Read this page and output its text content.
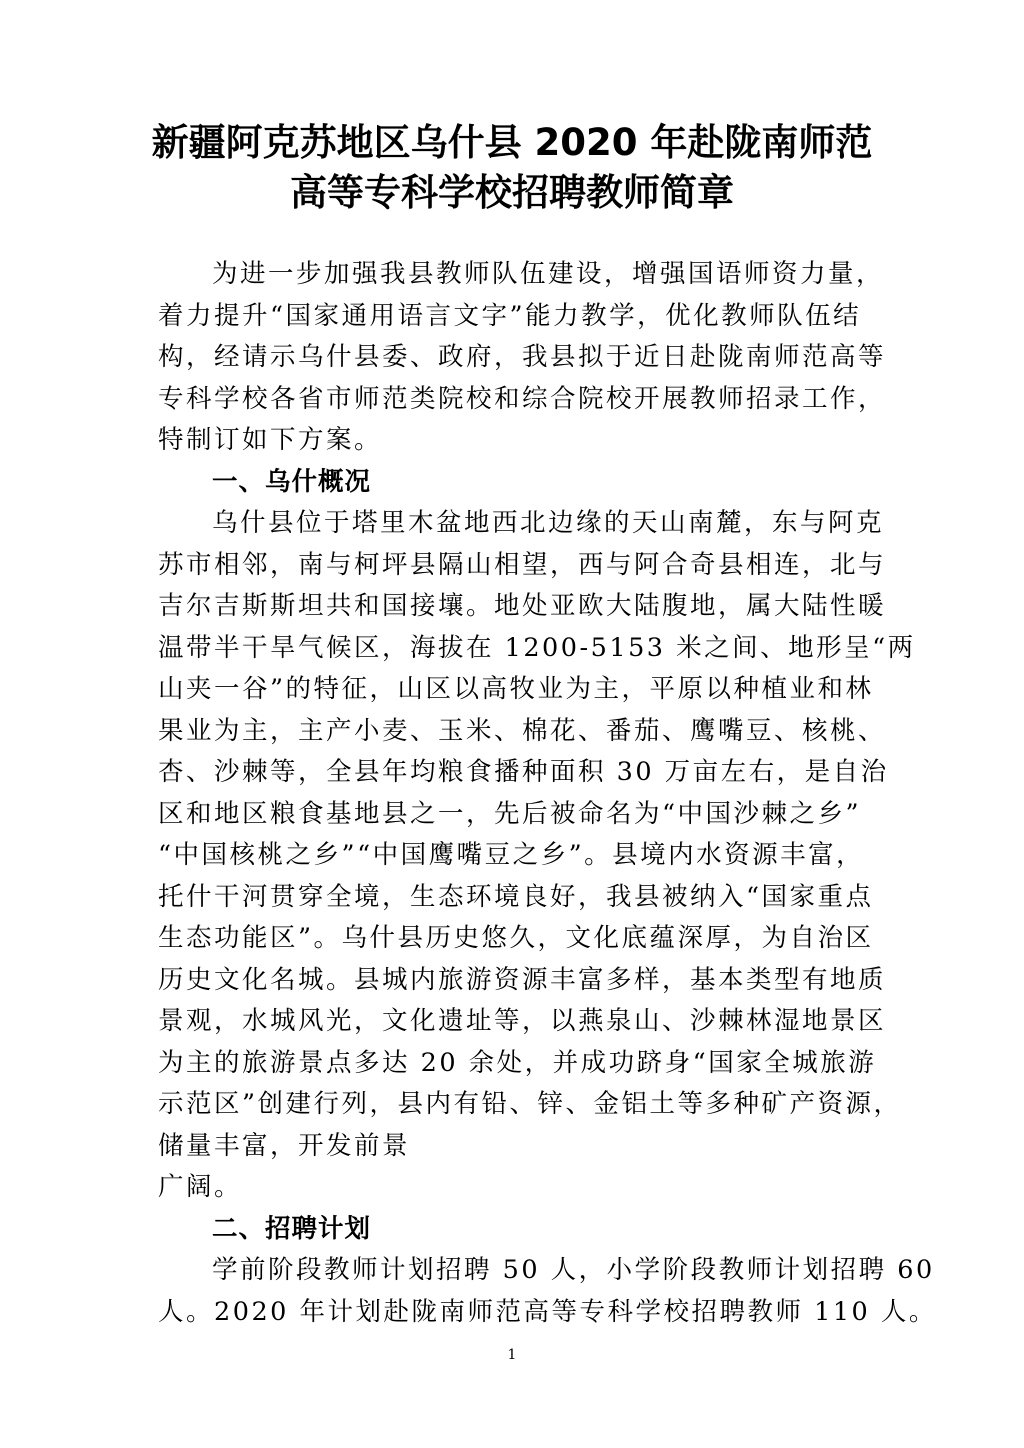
新疆阿克苏地区乌什县 2020 年赴陇南师范
高等专科学校招聘教师简章
为进一步加强我县教师队伍建设，增强国语师资力量，
着力提升“国家通用语言文字”能力教学，优化教师队伍结
构，经请示乌什县委、政府，我县拟于近日赴陇南师范高等
专科学校各省市师范类院校和综合院校开展教师招录工作，
特制订如下方案。
一、乌什概况
乌什县位于塔里木盆地西北边缘的天山南麓，东与阿克
苏市相邻，南与柯坪县隔山相望，西与阿合奇县相连，北与
吉尔吉斯斯坦共和国接壤。地处亚欧大陆腹地，属大陆性暖
温带半干旱气候区，海拔在 1200-5153 米之间、地形呈“两
山夹一谷”的特征，山区以高牧业为主，平原以种植业和林
果业为主，主产小麦、玉米、棉花、番茄、鹰嘴豆、核桃、
杏、沙棘等，全县年均粮食播种面积 30 万亩左右，是自治
区和地区粮食基地县之一，先后被命名为“中国沙棘之乡”
“中国核桃之乡”“中国鹰嘴豆之乡”。县境内水资源丰富，
托什干河贯穿全境，生态环境良好，我县被纳入“国家重点
生态功能区”。乌什县历史悠久，文化底蕴深厚，为自治区
历史文化名城。县城内旅游资源丰富多样，基本类型有地质
景观，水城风光，文化遗址等，以燕泉山、沙棘林湿地景区
为主的旅游景点多达 20 余处，并成功跻身“国家全城旅游
示范区”创建行列，县内有铅、锌、金铝土等多种矿产资源，
储量丰富，开发前景
广阔。
二、招聘计划
学前阶段教师计划招聘 50 人，小学阶段教师计划招聘 60
人。2020 年计划赴陇南师范高等专科学校招聘教师 110 人。
1
